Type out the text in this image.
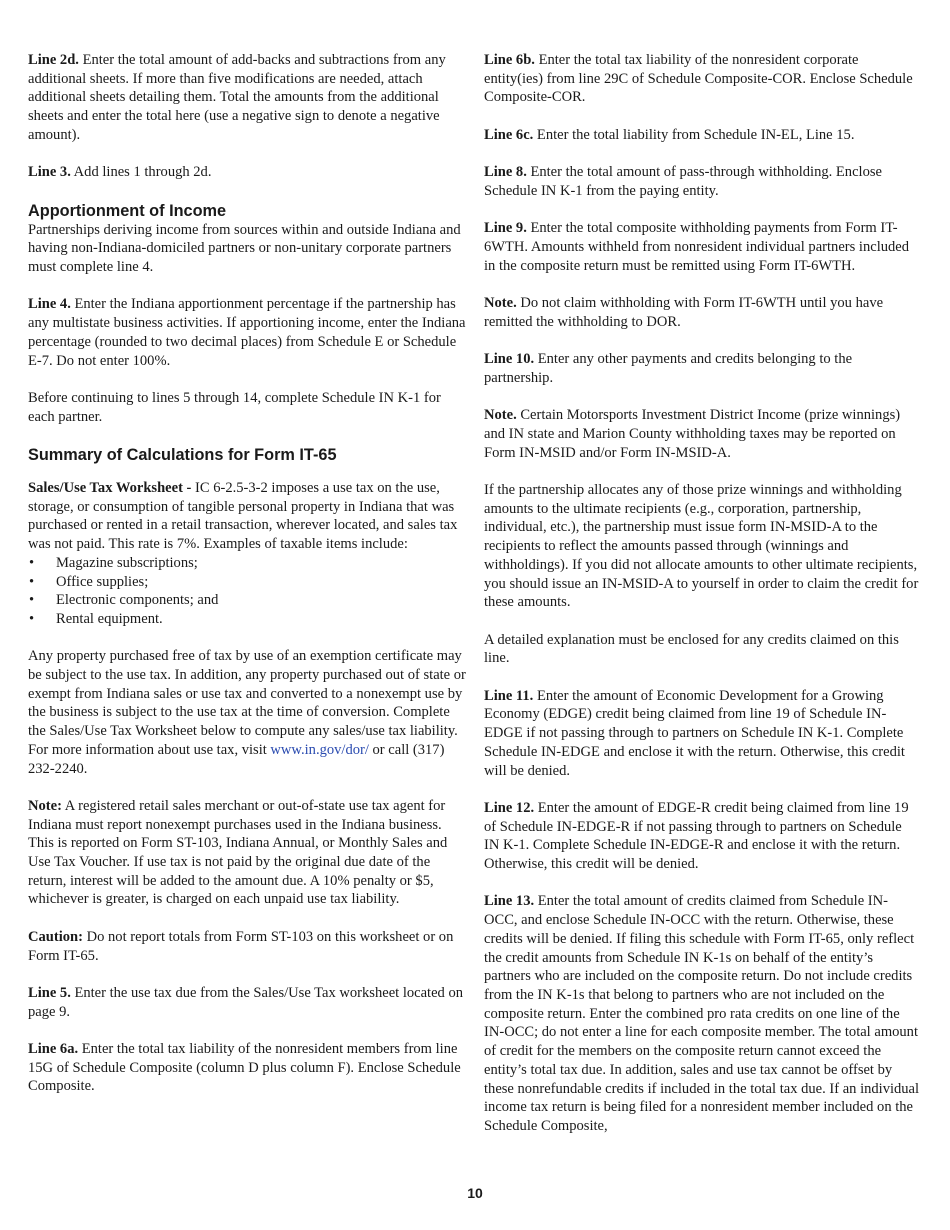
Line 2d. Enter the total amount of add-backs and subtractions from any additional sheets. If more than five modifications are needed, attach additional sheets detailing them. Total the amounts from the additional sheets and enter the total here (use a negative sign to denote a negative amount).

Line 3. Add lines 1 through 2d.

Apportionment of Income

Partnerships deriving income from sources within and outside Indiana and having non-Indiana-domiciled partners or non-unitary corporate partners must complete line 4.

Line 4. Enter the Indiana apportionment percentage if the partnership has any multistate business activities. If apportioning income, enter the Indiana percentage (rounded to two decimal places) from Schedule E or Schedule E-7. Do not enter 100%.

Before continuing to lines 5 through 14, complete Schedule IN K-1 for each partner.

Summary of Calculations for Form IT-65

Sales/Use Tax Worksheet - IC 6-2.5-3-2 imposes a use tax on the use, storage, or consumption of tangible personal property in Indiana that was purchased or rented in a retail transaction, wherever located, and sales tax was not paid. This rate is 7%. Examples of taxable items include:

• Magazine subscriptions;
• Office supplies;
• Electronic components; and
• Rental equipment.

Any property purchased free of tax by use of an exemption certificate may be subject to the use tax. In addition, any property purchased out of state or exempt from Indiana sales or use tax and converted to a nonexempt use by the business is subject to the use tax at the time of conversion. Complete the Sales/Use Tax Worksheet below to compute any sales/use tax liability. For more information about use tax, visit www.in.gov/dor/ or call (317) 232-2240.

Note: A registered retail sales merchant or out-of-state use tax agent for Indiana must report nonexempt purchases used in the Indiana business. This is reported on Form ST-103, Indiana Annual, or Monthly Sales and Use Tax Voucher. If use tax is not paid by the original due date of the return, interest will be added to the amount due. A 10% penalty or $5, whichever is greater, is charged on each unpaid use tax liability.

Caution: Do not report totals from Form ST-103 on this worksheet or on Form IT-65.

Line 5. Enter the use tax due from the Sales/Use Tax worksheet located on page 9.

Line 6a. Enter the total tax liability of the nonresident members from line 15G of Schedule Composite (column D plus column F). Enclose Schedule Composite.

Line 6b. Enter the total tax liability of the nonresident corporate entity(ies) from line 29C of Schedule Composite-COR. Enclose Schedule Composite-COR.

Line 6c. Enter the total liability from Schedule IN-EL, Line 15.

Line 8. Enter the total amount of pass-through withholding. Enclose Schedule IN K-1 from the paying entity.

Line 9. Enter the total composite withholding payments from Form IT-6WTH. Amounts withheld from nonresident individual partners included in the composite return must be remitted using Form IT-6WTH.

Note. Do not claim withholding with Form IT-6WTH until you have remitted the withholding to DOR.

Line 10. Enter any other payments and credits belonging to the partnership.

Note. Certain Motorsports Investment District Income (prize winnings) and IN state and Marion County withholding taxes may be reported on Form IN-MSID and/or Form IN-MSID-A.

If the partnership allocates any of those prize winnings and withholding amounts to the ultimate recipients (e.g., corporation, partnership, individual, etc.), the partnership must issue form IN-MSID-A to the recipients to reflect the amounts passed through (winnings and withholdings). If you did not allocate amounts to other ultimate recipients, you should issue an IN-MSID-A to yourself in order to claim the credit for these amounts.

A detailed explanation must be enclosed for any credits claimed on this line.

Line 11. Enter the amount of Economic Development for a Growing Economy (EDGE) credit being claimed from line 19 of Schedule IN-EDGE if not passing through to partners on Schedule IN K-1. Complete Schedule IN-EDGE and enclose it with the return. Otherwise, this credit will be denied.

Line 12. Enter the amount of EDGE-R credit being claimed from line 19 of Schedule IN-EDGE-R if not passing through to partners on Schedule IN K-1. Complete Schedule IN-EDGE-R and enclose it with the return. Otherwise, this credit will be denied.

Line 13. Enter the total amount of credits claimed from Schedule IN-OCC, and enclose Schedule IN-OCC with the return. Otherwise, these credits will be denied. If filing this schedule with Form IT-65, only reflect the credit amounts from Schedule IN K-1s on behalf of the entity’s partners who are included on the composite return. Do not include credits from the IN K-1s that belong to partners who are not included on the composite return. Enter the combined pro rata credits on one line of the IN-OCC; do not enter a line for each composite member. The total amount of credit for the members on the composite return cannot exceed the entity’s total tax due. In addition, sales and use tax cannot be offset by these nonrefundable credits if included in the total tax due. If an individual income tax return is being filed for a nonresident member included on the Schedule Composite,

10
